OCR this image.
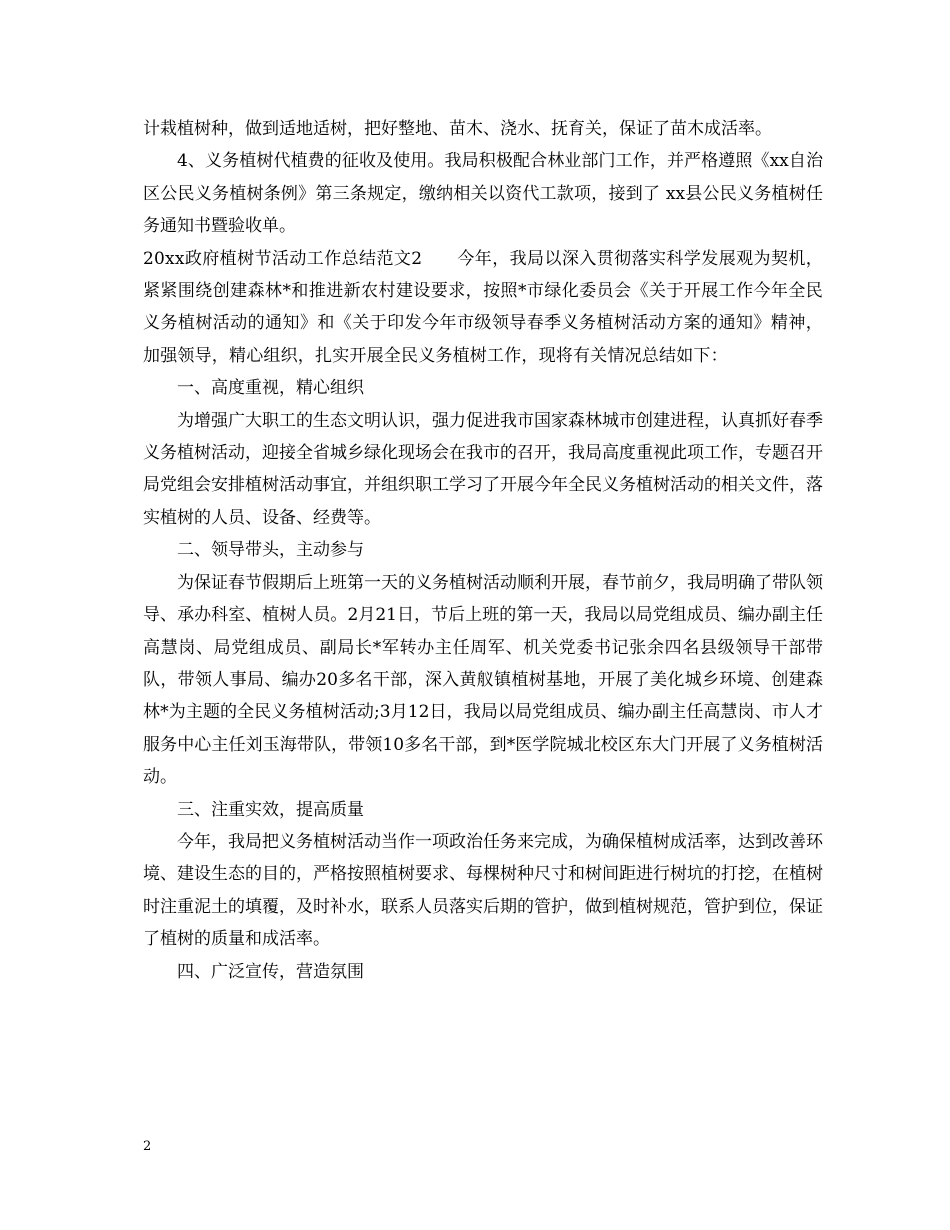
计栽植树种，做到适地适树，把好整地、苗木、浇水、抚育关，保证了苗木成活率。

4、义务植树代植费的征收及使用。我局积极配合林业部门工作，并严格遵照《xx自治区公民义务植树条例》第三条规定，缴纳相关以资代工款项，接到了 xx县公民义务植树任务通知书暨验收单。

20xx政府植树节活动工作总结范文2　　今年，我局以深入贯彻落实科学发展观为契机，紧紧围绕创建森林*和推进新农村建设要求，按照*市绿化委员会《关于开展工作今年全民义务植树活动的通知》和《关于印发今年市级领导春季义务植树活动方案的通知》精神，加强领导，精心组织，扎实开展全民义务植树工作，现将有关情况总结如下：

一、高度重视，精心组织

为增强广大职工的生态文明认识，强力促进我市国家森林城市创建进程，认真抓好春季义务植树活动，迎接全省城乡绿化现场会在我市的召开，我局高度重视此项工作，专题召开局党组会安排植树活动事宜，并组织职工学习了开展今年全民义务植树活动的相关文件，落实植树的人员、设备、经费等。

二、领导带头，主动参与

为保证春节假期后上班第一天的义务植树活动顺利开展，春节前夕，我局明确了带队领导、承办科室、植树人员。2月21日，节后上班的第一天，我局以局党组成员、编办副主任高慧岗、局党组成员、副局长*军转办主任周军、机关党委书记张余四名县级领导干部带队，带领人事局、编办20多名干部，深入黄舣镇植树基地，开展了美化城乡环境、创建森林*为主题的全民义务植树活动;3月12日，我局以局党组成员、编办副主任高慧岗、市人才服务中心主任刘玉海带队，带领10多名干部，到*医学院城北校区东大门开展了义务植树活动。

三、注重实效，提高质量

今年，我局把义务植树活动当作一项政治任务来完成，为确保植树成活率，达到改善环境、建设生态的目的，严格按照植树要求、每棵树种尺寸和树间距进行树坑的打挖，在植树时注重泥土的填覆，及时补水，联系人员落实后期的管护，做到植树规范，管护到位，保证了植树的质量和成活率。

四、广泛宣传，营造氛围

2
